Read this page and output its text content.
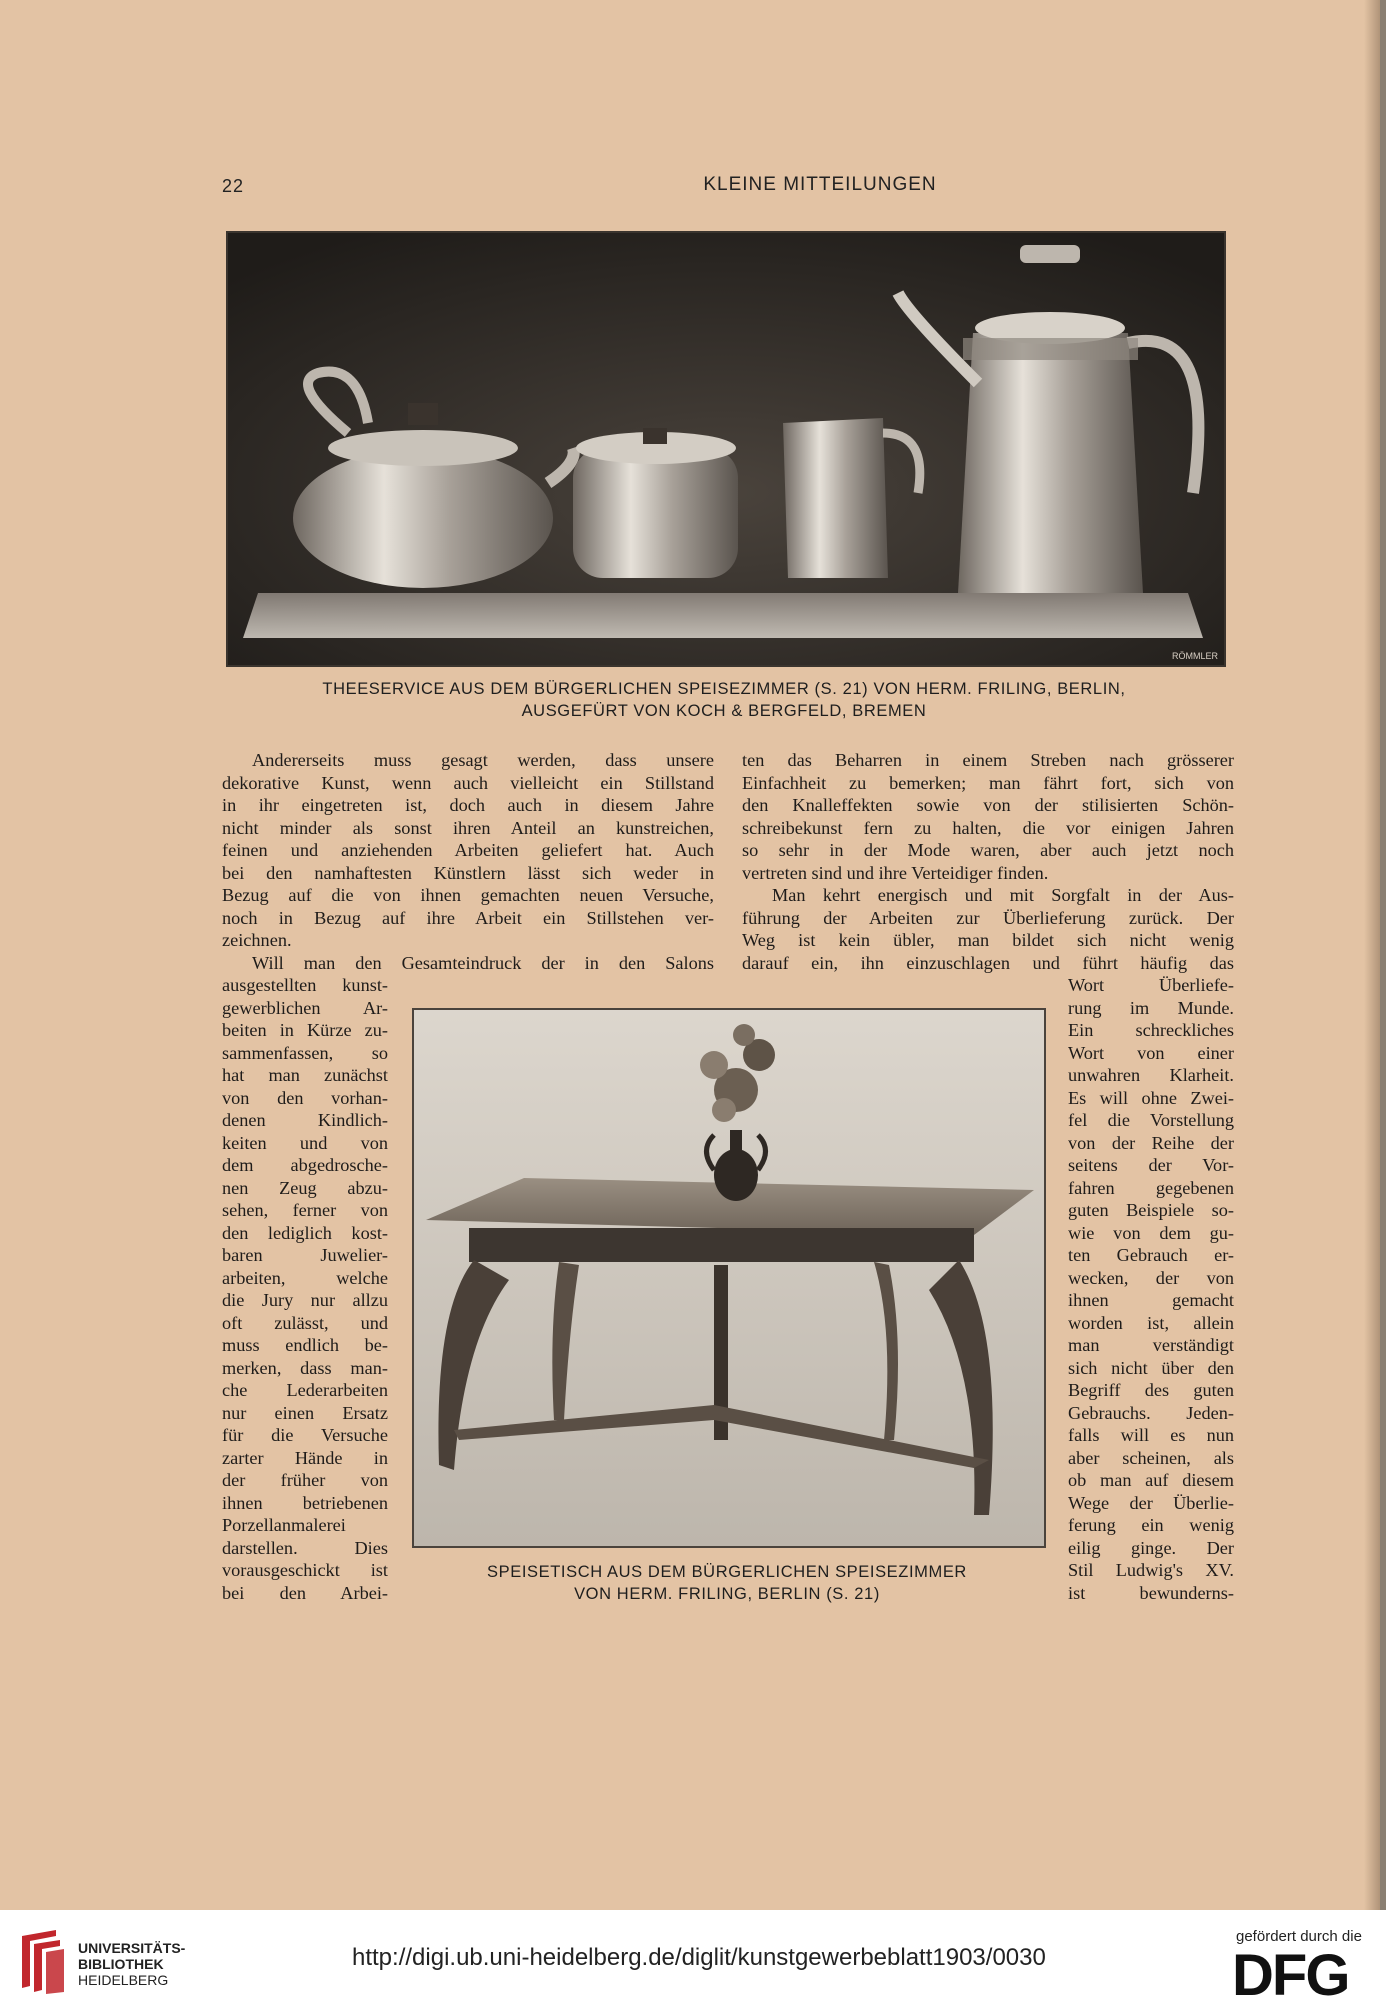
22	KLEINE MITTEILUNGEN
RÖMMLER
THEESERVICE AUS DEM BÜRGERLICHEN SPEISEZIMMER (S. 21) VON HERM. FRILING, BERLIN,
AUSGEFÜRT VON KOCH & BERGFELD, BREMEN
Andererseits muss gesagt werden, dass unsere
dekorative Kunst, wenn auch vielleicht ein Stillstand
in ihr eingetreten ist, doch auch in diesem Jahre
nicht minder als sonst ihren Anteil an kunstreichen,
feinen und anziehenden Arbeiten geliefert hat. Auch
bei den namhaftesten Künstlern lässt sich weder in
Bezug auf die von ihnen gemachten neuen Versuche,
noch in Bezug auf ihre Arbeit ein Stillstehen ver-
zeichnen.
Will man den Gesamteindruck der in den Salons
ausgestellten kunst-
gewerblichen Ar-
beiten in Kürze zu-
sammenfassen, so
hat man zunächst
von den vorhan-
denen Kindlich-
keiten und von
dem abgedrosche-
nen Zeug abzu-
sehen, ferner von
den lediglich kost-
baren Juwelier-
arbeiten, welche
die Jury nur allzu
oft zulässt, und
muss endlich be-
merken, dass man-
che Lederarbeiten
nur einen Ersatz
für die Versuche
zarter Hände in
der früher von
ihnen betriebenen
Porzellanmalerei
darstellen. Dies
vorausgeschickt ist
bei den Arbei-
ten das Beharren in einem Streben nach grösserer
Einfachheit zu bemerken; man fährt fort, sich von
den Knalleffekten sowie von der stilisierten Schön-
schreibekunst fern zu halten, die vor einigen Jahren
so sehr in der Mode waren, aber auch jetzt noch
vertreten sind und ihre Verteidiger finden.
Man kehrt energisch und mit Sorgfalt in der Aus-
führung der Arbeiten zur Überlieferung zurück. Der
Weg ist kein übler, man bildet sich nicht wenig
darauf ein, ihn einzuschlagen und führt häufig das
Wort Überliefe-
rung im Munde.
Ein schreckliches
Wort von einer
unwahren Klarheit.
Es will ohne Zwei-
fel die Vorstellung
von der Reihe der
seitens der Vor-
fahren gegebenen
guten Beispiele so-
wie von dem gu-
ten Gebrauch er-
wecken, der von
ihnen gemacht
worden ist, allein
man verständigt
sich nicht über den
Begriff des guten
Gebrauchs. Jeden-
falls will es nun
aber scheinen, als
ob man auf diesem
Wege der Überlie-
ferung ein wenig
eilig ginge. Der
Stil Ludwig's XV.
ist bewunderns-
SPEISETISCH AUS DEM BÜRGERLICHEN SPEISEZIMMER
VON HERM. FRILING, BERLIN (S. 21)
UNIVERSITÄTS-
BIBLIOTHEK
HEIDELBERG
http://digi.ub.uni-heidelberg.de/diglit/kunstgewerbeblatt1903/0030
gefördert durch die
DFG
